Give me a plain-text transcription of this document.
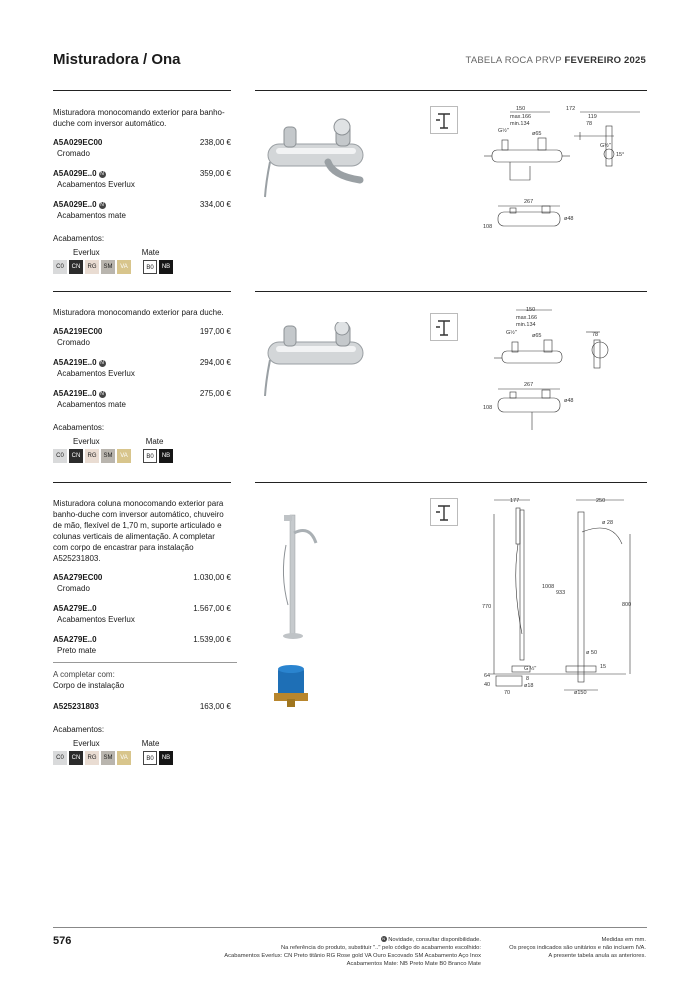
Misturadora / Ona	TABELA ROCA PRVP FEVEREIRO 2025

Misturadora monocomando exterior para banho-duche com inversor automático.

A5A029EC00
Cromado
238,00 €
A5A029E..0 N
Acabamentos Everlux
359,00 €
A5A029E..0 N
Acabamentos mate
334,00 €
Acabamentos:
Everlux	Mate
C0	CN	RG	SM	VA	B0	NB

Misturadora monocomando exterior para duche.

A5A219EC00
Cromado
197,00 €
A5A219E..0 N
Acabamentos Everlux
294,00 €
A5A219E..0 N
Acabamentos mate
275,00 €
Acabamentos:
Everlux	Mate
C0	CN	RG	SM	VA	B0	NB

Misturadora coluna monocomando exterior para banho-duche com inversor automático, chuveiro de mão, flexível de 1,70 m, suporte articulado e colunas verticais de alimentação. A completar com corpo de encastrar para instalação A525231803.

A5A279EC00
Cromado
1.030,00 €
A5A279E..0
Acabamentos Everlux
1.567,00 €
A5A279E..0
Preto mate
1.539,00 €
A completar com:
Corpo de instalação
A525231803	163,00 €
Acabamentos:
Everlux	Mate
C0	CN	RG	SM	VA	B0	NB
150
max.166
min.134
G½"	ø65
172
119
78
G½"
15°
267
108
ø48
150
max.166
min.134
G½"	ø65	78
267
108
ø48
177	250
ø 28
1008
933
770	800
ø 50
15
G ½"
64
40
8
ø18
70	ø150
576	N Novidade, consultar disponibilidade.
Na referência do produto, substituir ".." pelo código do acabamento escolhido:
Acabamentos Everlux: CN Preto titânio RG Rose gold VA Ouro Escovado SM Acabamento Aço Inox
Acabamentos Mate: NB Preto Mate B0 Branco Mate
Medidas em mm.
Os preços indicados são unitários e não incluem IVA.
A presente tabela anula as anteriores.
